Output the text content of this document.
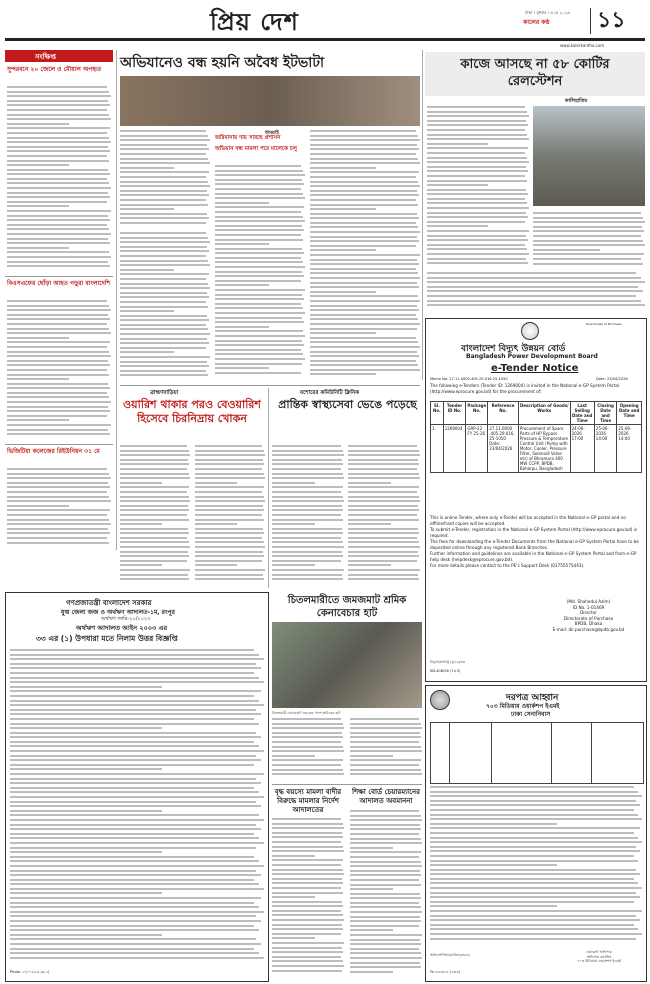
প্রিয় দেশ	ঢাকা । বুধবার । ৬ মে ২০২৬
কালের কণ্ঠ	১১
www.kalerkantho.com
সংক্ষিপ্ত
সুন্দরবনে ২০ জেলে ও মৌয়াল অপহৃত
বিএসএফের ছোঁড়া আহত গড়ুরা বাংলাদেশি
ভিজিটিয়া কলেজের রিইউনিয়ন ৩১ মে
অভিযানেও বন্ধ হয়নি অবৈধ ইটভাটা
ধামরাই
জরিমানায় দায় সারছে প্রশাসন
অভিযান বন্ধ মামলা পরে মালেকে চলু
কাজে আসছে না ৫৮ কোটির রেলস্টেশন
কালিহাতির
Directorate of Purchase
বাংলাদেশ বিদ্যুৎ উন্নয়ন বোর্ড
Bangladesh Power Development Board
e-Tender Notice
Memo No. 27.11.0000.405.29.016.25-1050	Date: 23/04/2026
The following e-Tenders (Tender ID: 1269004) is invited in the National e-GP System Portal (http://www.eprocure.gov.bd) for the procurement of:
Sl. No.	Tender ID No.	Package No.	Reference No.	Description of Goods/ Works	Last Selling Date and Time	Closing Date and Time	Opening Date and Time
1.	1269004	GRP-22 FY 25-26	27.11.0000 .405.29.016. 25-1050 Date: 23/04/2026	Procurement of Spare Parts of HP Bypass Pressure & Temperature Control Unit (Pump with Motor, Cooler, Pressure Filter, Solenoid Valve etc) of Bhramara 400 MW CCPP, BPDB, Baharpu, Bangladesh	24-06-2026 17:00	25-06-2026 14:00	25-06-2026 14:00
This is online Tender, where only e-Tender will be accepted in the National e-GP portal and no offline/hard copies will be accepted.
To submit e-Tender, registration in the National e-GP System Portal (http://www.eprocure.gov.bd) is required.
The fees for downloading the e-Tender Documents from the National e-GP System Portal have to be deposited online through any registered Bank Branches.
Further information and guidelines are available in the National e-GP System Portal and from e-GP help desk (helpdesk@eprocure.gov.bd).
For more details please contact to the PE's Support Desk (01755575443).
(Md. Shahedul Azim)
ID No. 1-01469
Director
Directorate of Purchase
BPDB, Dhaka
E-mail: dir.purchase@bpdb.gov.bd
বিদ্যুৎ/কাআ/(২)/২৬/৩৩
KB-408/26 (7×3)
ব্রাহ্মণবাড়িয়া
ওয়ারিশ থাকার পরও বেওয়ারিশ হিসেবে চিরনিদ্রায় খোকন
যশোরের কমিউনিটি ক্লিনিক
প্রান্তিক স্বাস্থ্যসেবা ভেঙে পড়েছে
গণপ্রজাতন্ত্রী বাংলাদেশ সরকার
যুগ্ম জেলা জজ ও অর্থঋণ আদালত-১ম, রংপুর
অর্থঋণ জারি-২০/২০২৩
অর্থঋণ আদালত আইন ২০০৩ এর
৩৩ এর (১) উপধারা মতে নিলাম উত্তর বিজ্ঞপ্তি
Photo-২০/-০৫/২৬ (ক-২)
চিতলমারীতে জমজমাট শ্রমিক কেনাবেচার হাট
চিতলমারী-বাগেরহাট সড়কের পাশে শ্রমিকের হাট
বৃদ্ধ বয়স্যে মামলা বাদীর বিরুদ্ধে মামলার নির্দেশ আদালতের
শিক্ষা বোর্ড চেয়ারম্যানের আদালত অবমাননা
দরপত্র আহ্বান
৭০৩ মিডিয়াম ওয়ার্কশপ ইএমই
ঢাকা সেনানিবাস
আইএসপিআর/টেন্ডার/৩৫৩
ওয়ারেন্ট অফিসার
অফিসার কমান্ডিং
৭০৩ মিডিয়াম ওয়ার্কশপ ইএমই
জি-৩৫৩/২৬ (৭×৩)
